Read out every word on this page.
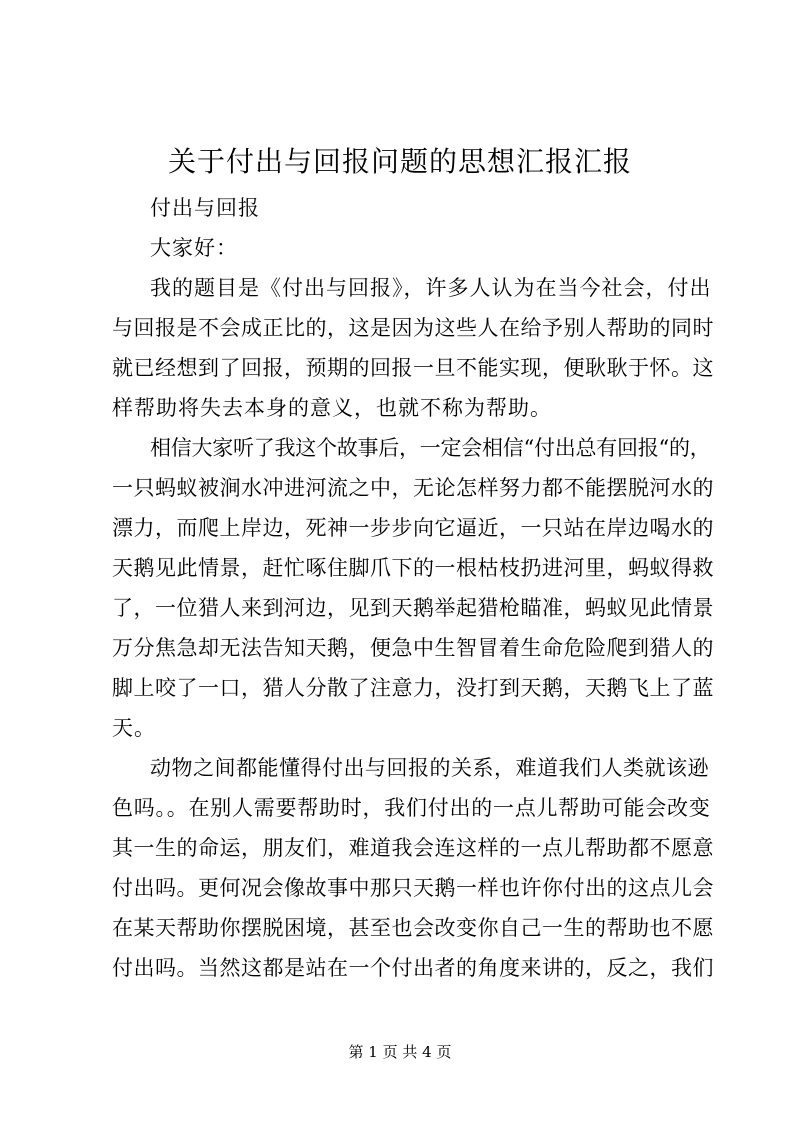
关于付出与回报问题的思想汇报汇报

付出与回报

大家好：

我的题目是《付出与回报》，许多人认为在当今社会，付出

与回报是不会成正比的，这是因为这些人在给予别人帮助的同时

就已经想到了回报，预期的回报一旦不能实现，便耿耿于怀。这

样帮助将失去本身的意义，也就不称为帮助。

相信大家听了我这个故事后，一定会相信“付出总有回报“的，

一只蚂蚁被涧水冲进河流之中，无论怎样努力都不能摆脱河水的

漂力，而爬上岸边，死神一步步向它逼近，一只站在岸边喝水的

天鹅见此情景，赶忙啄住脚爪下的一根枯枝扔进河里，蚂蚁得救

了，一位猎人来到河边，见到天鹅举起猎枪瞄准，蚂蚁见此情景

万分焦急却无法告知天鹅，便急中生智冒着生命危险爬到猎人的

脚上咬了一口，猎人分散了注意力，没打到天鹅，天鹅飞上了蓝

天。

动物之间都能懂得付出与回报的关系，难道我们人类就该逊

色吗。。在别人需要帮助时，我们付出的一点儿帮助可能会改变

其一生的命运，朋友们，难道我会连这样的一点儿帮助都不愿意

付出吗。更何况会像故事中那只天鹅一样也许你付出的这点儿会

在某天帮助你摆脱困境，甚至也会改变你自己一生的帮助也不愿

付出吗。当然这都是站在一个付出者的角度来讲的，反之，我们

第 1 页 共 4 页
